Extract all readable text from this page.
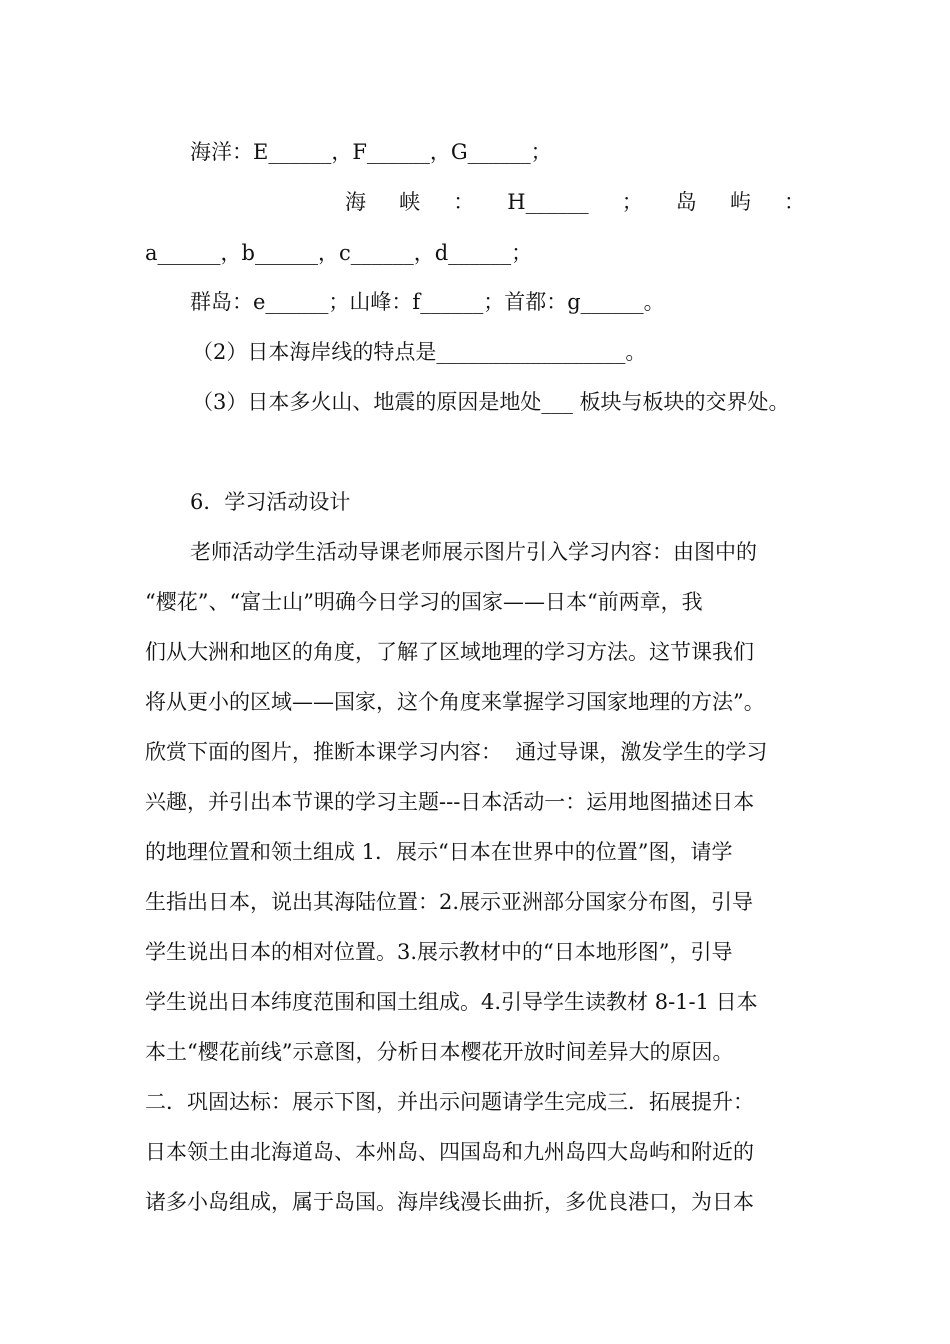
海洋：E______，F______，G______；
海 峡 ： H______ ； 岛 屿 ：
a______，b______，c______，d______；
群岛：e______；山峰：f______；首都：g______。
（2）日本海岸线的特点是__________________。
（3）日本多火山、地震的原因是地处___ 板块与板块的交界处。
6．学习活动设计
老师活动学生活动导课老师展示图片引入学习内容：由图中的
“樱花”、“富士山”明确今日学习的国家——日本“前两章，我
们从大洲和地区的角度，了解了区域地理的学习方法。这节课我们
将从更小的区域——国家，这个角度来掌握学习国家地理的方法”。
欣赏下面的图片，推断本课学习内容：  通过导课，激发学生的学习
兴趣，并引出本节课的学习主题---日本活动一：运用地图描述日本
的地理位置和领土组成 1．展示“日本在世界中的位置”图，请学
生指出日本，说出其海陆位置：2.展示亚洲部分国家分布图，引导
学生说出日本的相对位置。3.展示教材中的“日本地形图”，引导
学生说出日本纬度范围和国土组成。4.引导学生读教材 8-1-1 日本
本土“樱花前线”示意图，分析日本樱花开放时间差异大的原因。
二．巩固达标：展示下图，并出示问题请学生完成三．拓展提升：
日本领土由北海道岛、本州岛、四国岛和九州岛四大岛屿和附近的
诸多小岛组成，属于岛国。海岸线漫长曲折，多优良港口，为日本
